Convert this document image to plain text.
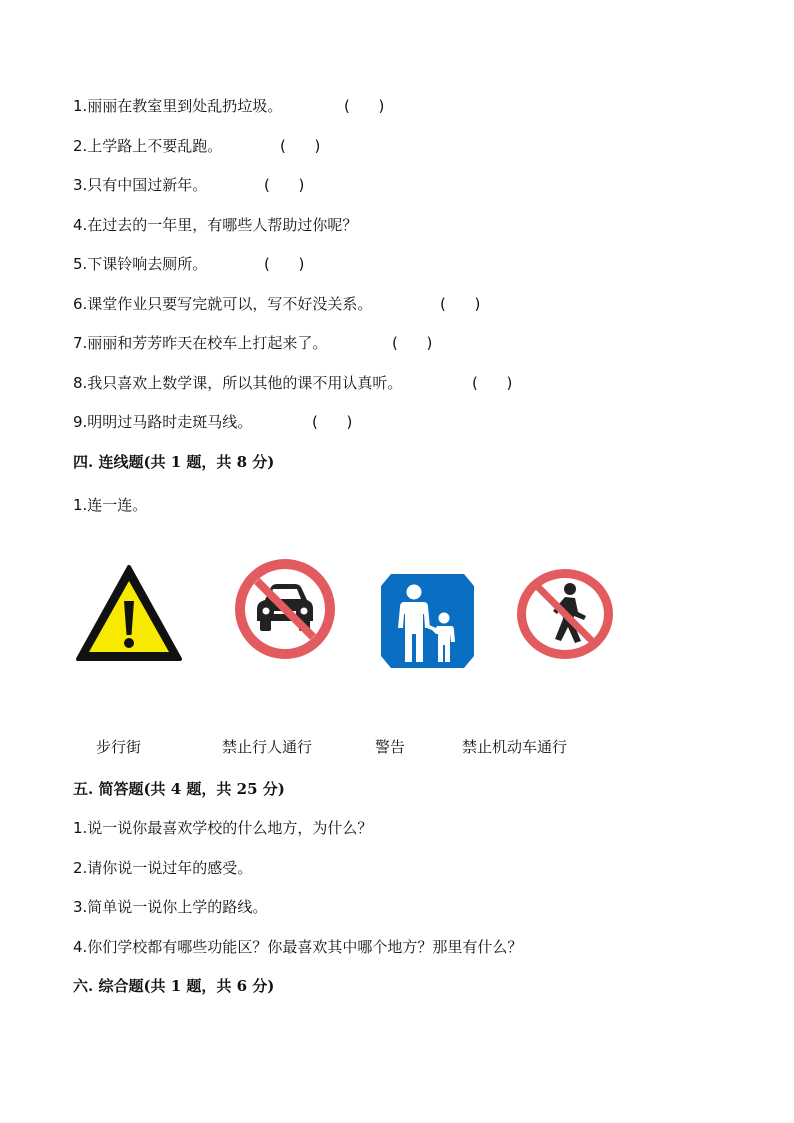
1.丽丽在教室里到处乱扔垃圾。	(      )
2.上学路上不要乱跑。	(      )
3.只有中国过新年。	(      )
4.在过去的一年里，有哪些人帮助过你呢？
5.下课铃响去厕所。	(      )
6.课堂作业只要写完就可以，写不好没关系。	(      )
7.丽丽和芳芳昨天在校车上打起来了。	(      )
8.我只喜欢上数学课，所以其他的课不用认真听。	(      )
9.明明过马路时走斑马线。	(      )
四. 连线题(共 1 题，共 8 分)
1.连一连。
步行街	禁止行人通行	警告	禁止机动车通行
五. 简答题(共 4 题，共 25 分)
1.说一说你最喜欢学校的什么地方，为什么？
2.请你说一说过年的感受。
3.简单说一说你上学的路线。
4.你们学校都有哪些功能区？你最喜欢其中哪个地方？那里有什么？
六. 综合题(共 1 题，共 6 分)
